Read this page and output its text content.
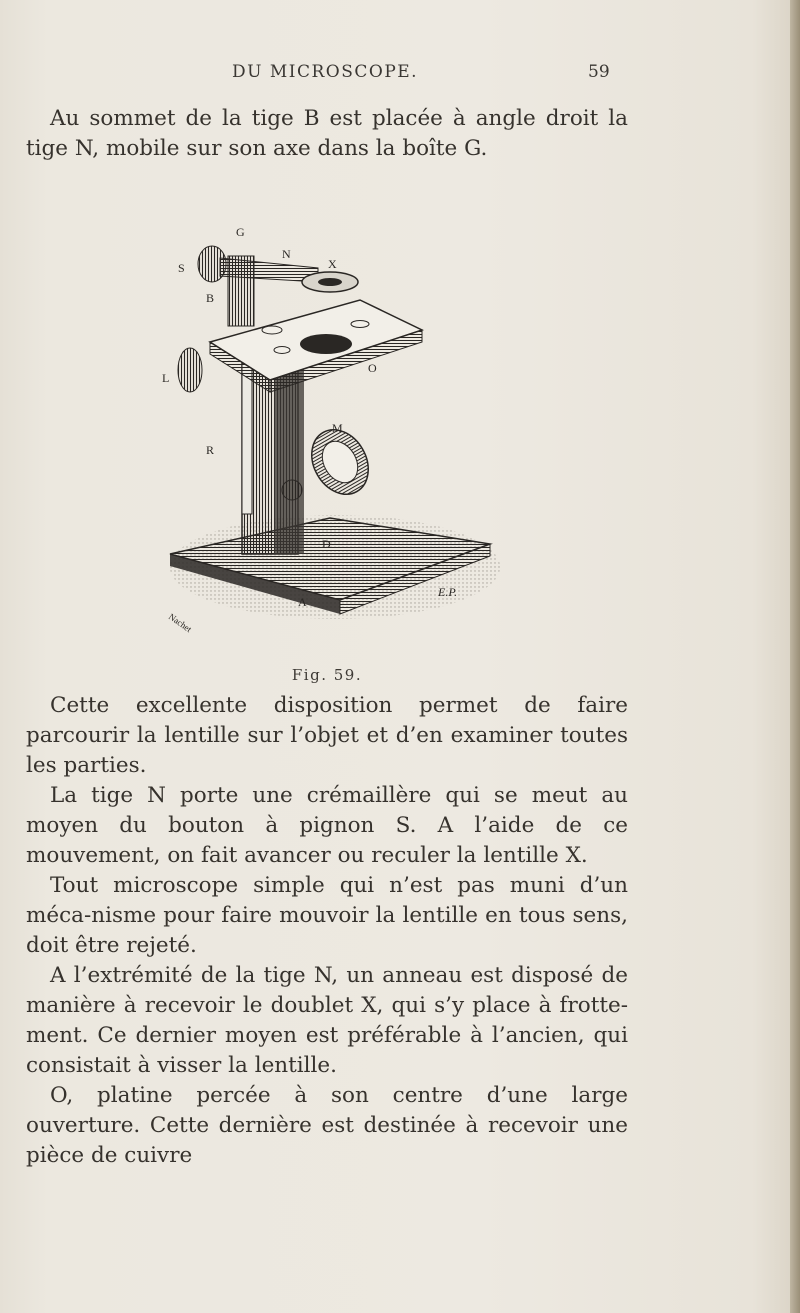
DU MICROSCOPE.	59

Au sommet de la tige B est placée à angle droit la tige N, mobile sur son axe dans la boîte G.

G
N
X
S
B
L
O
M
R
D
A
E.P.
Nachet
Fig. 59.

Cette excellente disposition permet de faire parcourir la lentille sur l’objet et d’en examiner toutes les parties.

La tige N porte une crémaillère qui se meut au moyen du bouton à pignon S. A l’aide de ce mouvement, on fait avancer ou reculer la lentille X.

Tout microscope simple qui n’est pas muni d’un méca-nisme pour faire mouvoir la lentille en tous sens, doit être rejeté.

A l’extrémité de la tige N, un anneau est disposé de manière à recevoir le doublet X, qui s’y place à frotte-ment. Ce dernier moyen est préférable à l’ancien, qui consistait à visser la lentille.

O, platine percée à son centre d’une large ouverture. Cette dernière est destinée à recevoir une pièce de cuivre
